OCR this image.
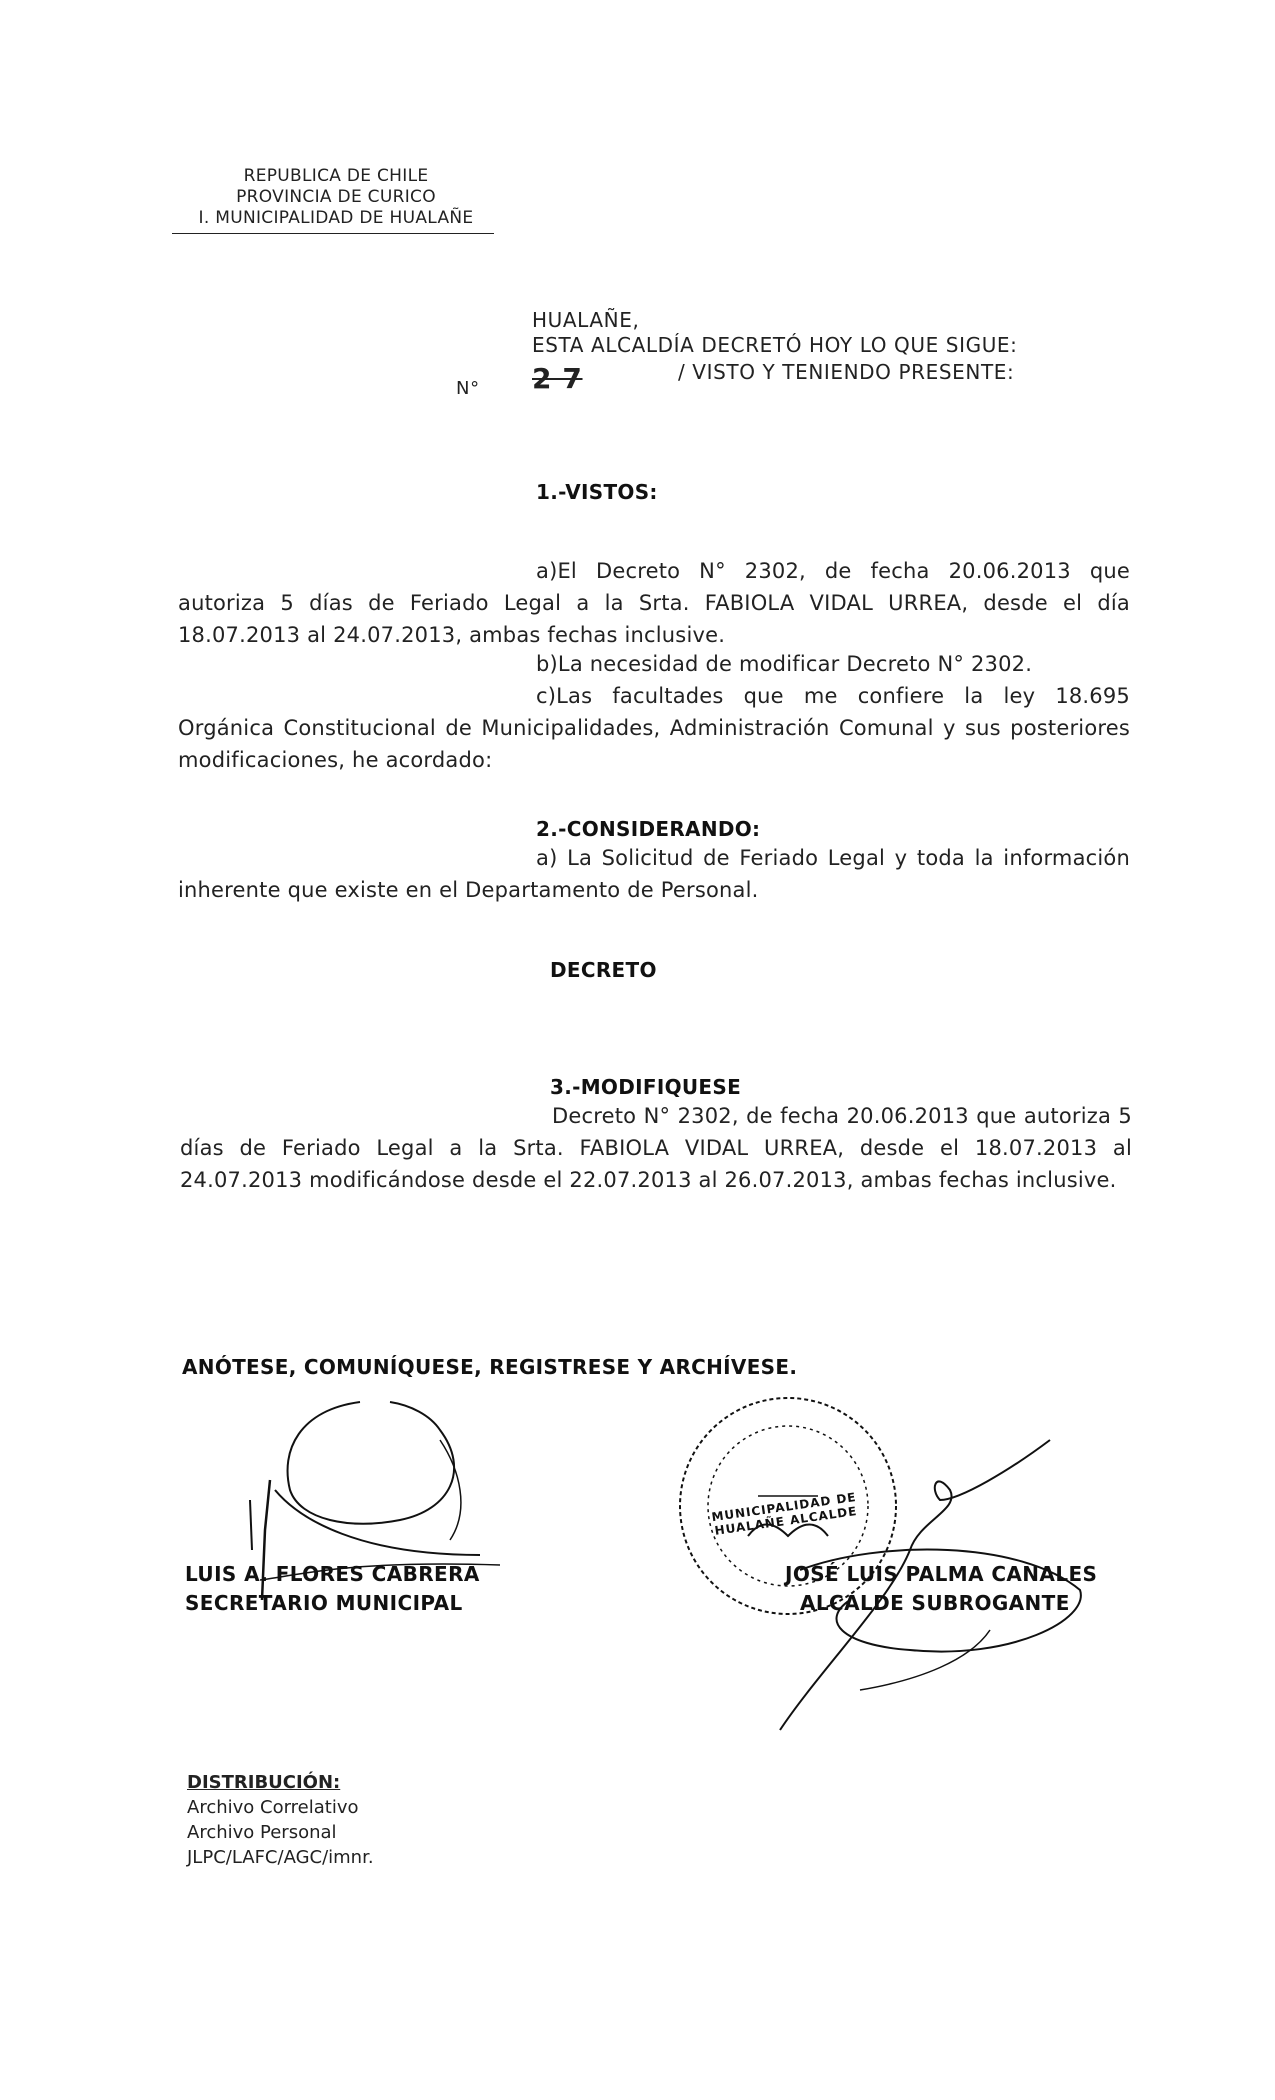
REPUBLICA DE CHILE
PROVINCIA DE CURICO
I. MUNICIPALIDAD DE HUALAÑE
HUALAÑE,
ESTA ALCALDÍA DECRETÓ HOY LO QUE SIGUE:
N° 2 7	/ VISTO Y TENIENDO PRESENTE:
1.-VISTOS:
a)El Decreto N° 2302, de fecha 20.06.2013 que autoriza 5 días de Feriado Legal a la Srta. FABIOLA VIDAL URREA, desde el día 18.07.2013 al 24.07.2013, ambas fechas inclusive.
b)La necesidad de modificar Decreto N° 2302.
c)Las facultades que me confiere la ley 18.695 Orgánica Constitucional de Municipalidades, Administración Comunal y sus posteriores modificaciones, he acordado:
2.-CONSIDERANDO:
a) La Solicitud de Feriado Legal y toda la información inherente que existe en el Departamento de Personal.
DECRETO
3.-MODIFIQUESE
Decreto N° 2302, de fecha 20.06.2013 que autoriza 5 días de Feriado Legal a la Srta. FABIOLA VIDAL URREA, desde el 18.07.2013 al 24.07.2013 modificándose desde el 22.07.2013 al 26.07.2013, ambas fechas inclusive.
ANÓTESE, COMUNÍQUESE, REGISTRESE Y ARCHÍVESE.
MUNICIPALIDAD DE HUALAÑE ALCALDE
LUIS A. FLORES CABRERA
SECRETARIO MUNICIPAL
JOSÉ LUIS PALMA CANALES
ALCALDE SUBROGANTE
DISTRIBUCIÓN:
Archivo Correlativo
Archivo Personal
JLPC/LAFC/AGC/imnr.
